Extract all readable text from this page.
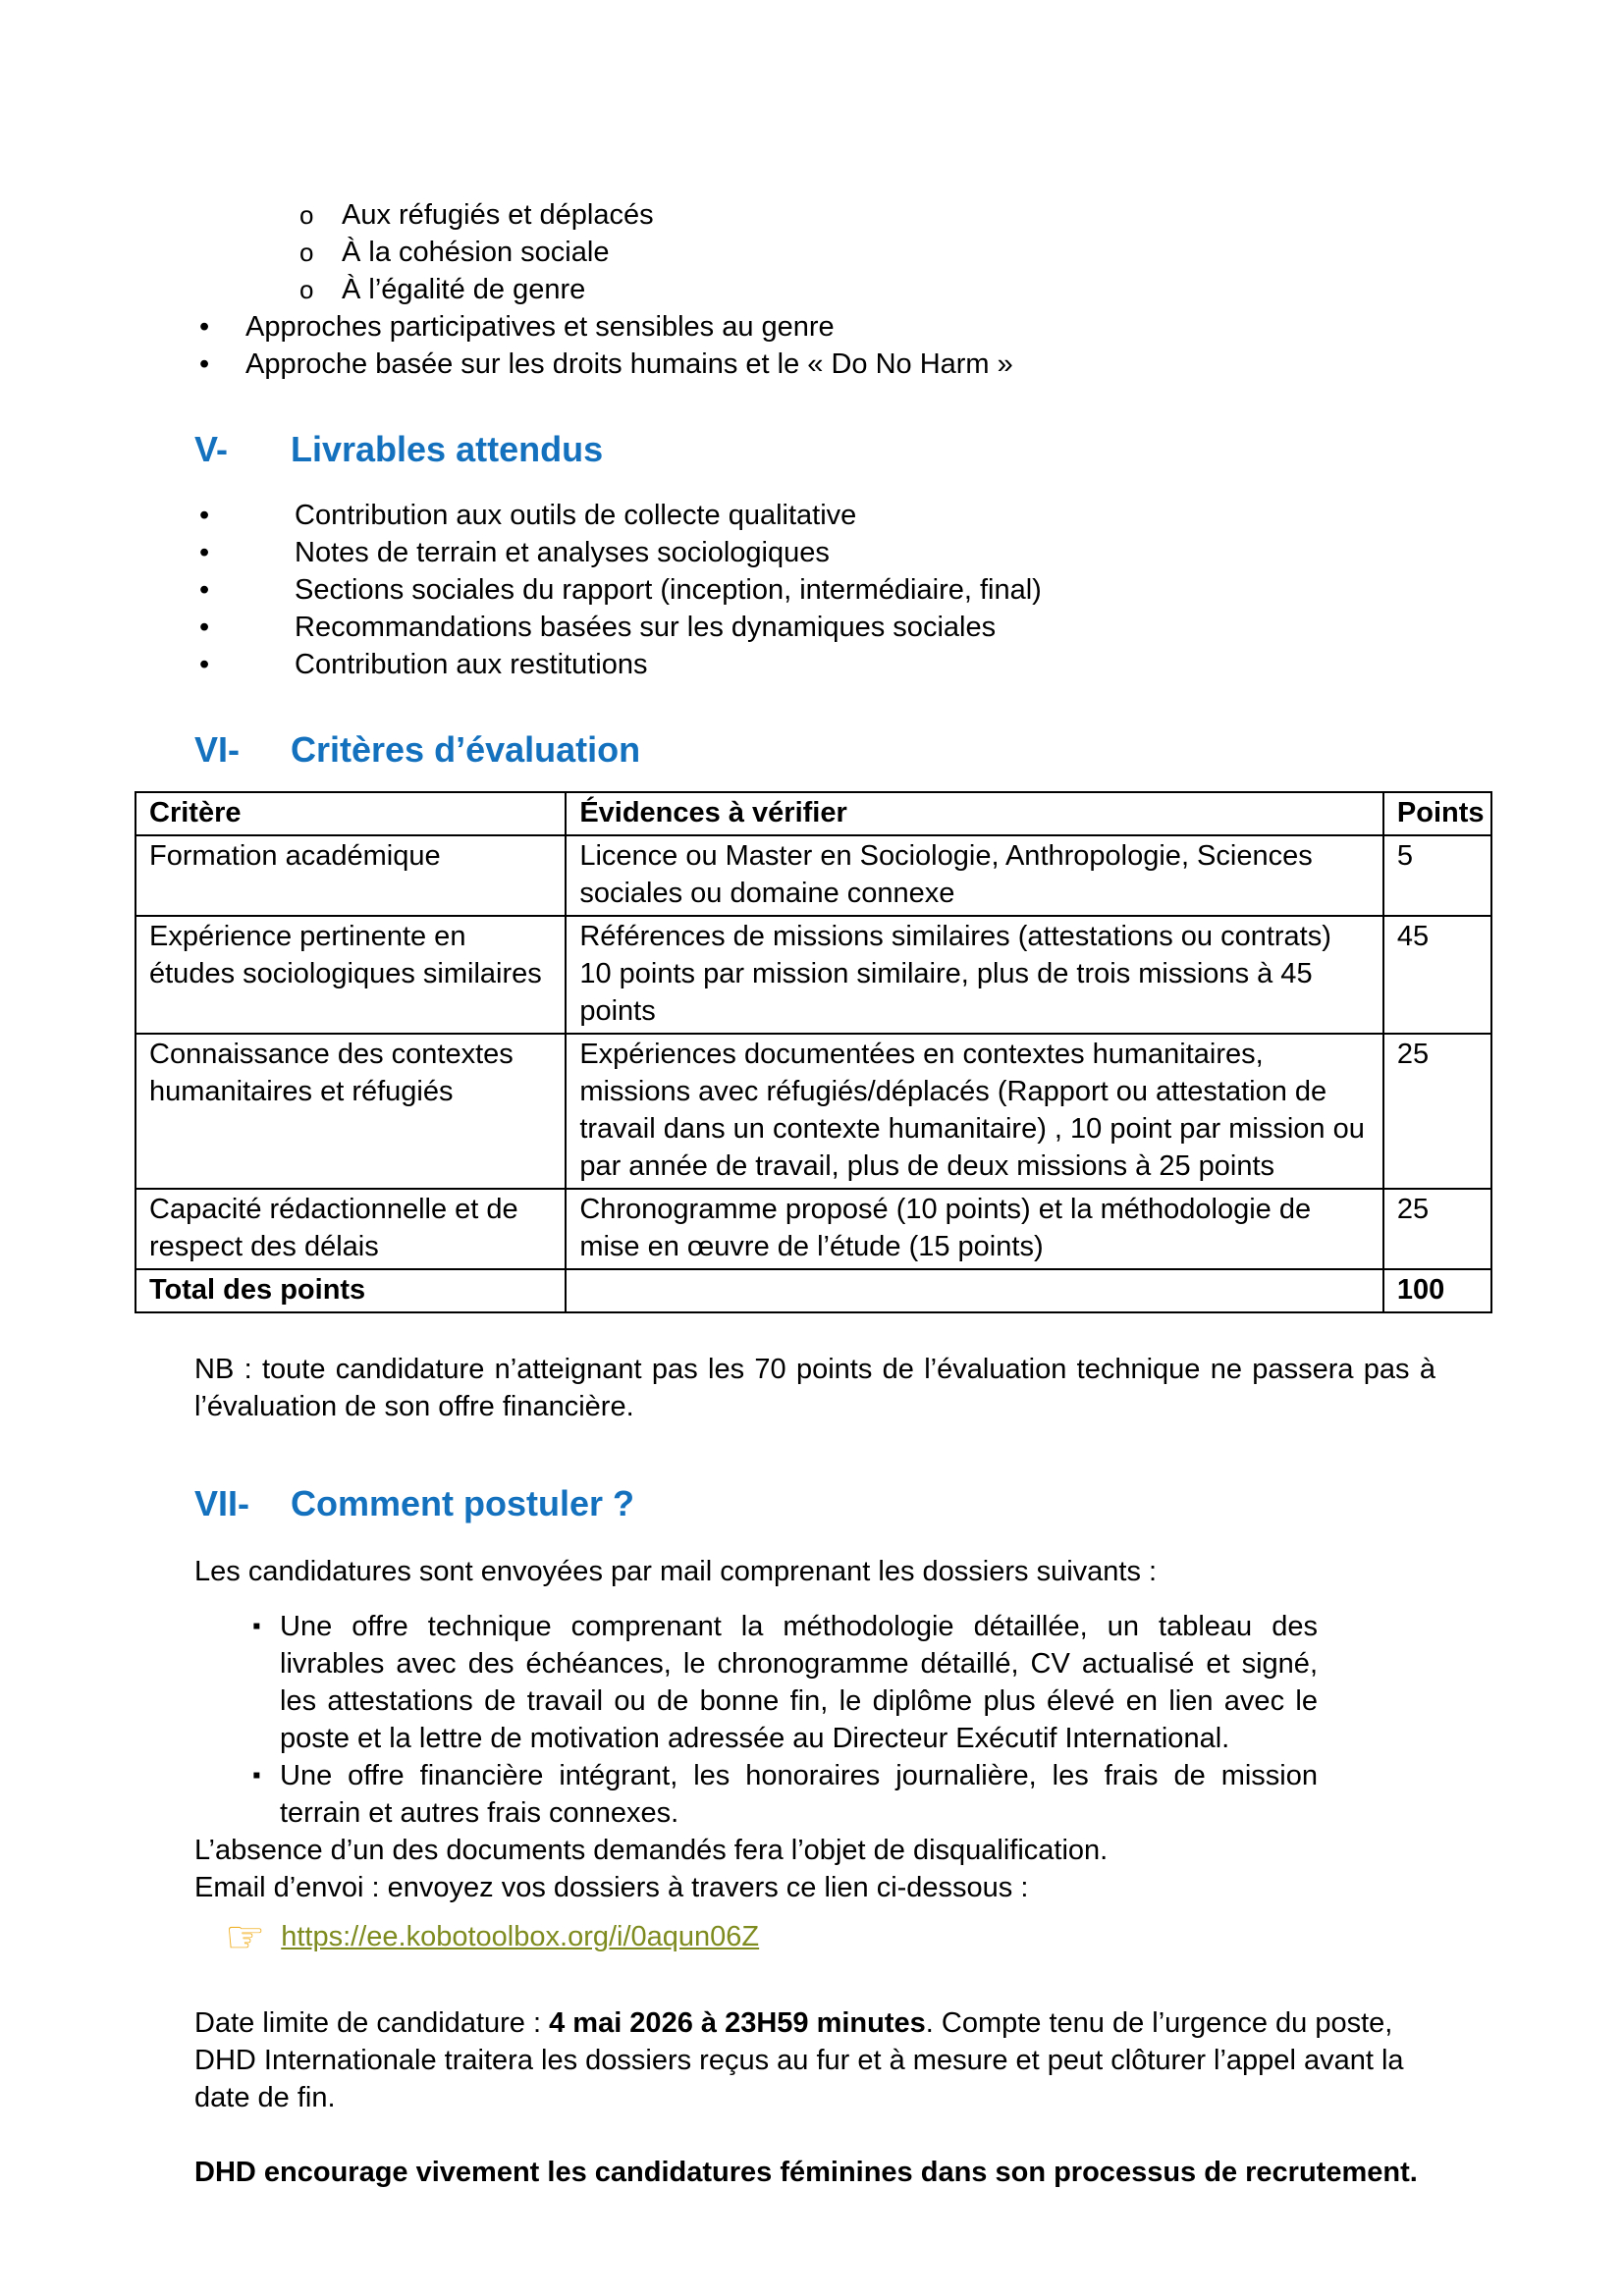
o Aux réfugiés et déplacés
o À la cohésion sociale
o À l’égalité de genre
•	Approches participatives et sensibles au genre
•	Approche basée sur les droits humains et le « Do No Harm »
V-	Livrables attendus
•	Contribution aux outils de collecte qualitative
•	Notes de terrain et analyses sociologiques
•	Sections sociales du rapport (inception, intermédiaire, final)
•	Recommandations basées sur les dynamiques sociales
•	Contribution aux restitutions
VI-	Critères d’évaluation
Critère	Évidences à vérifier	Points
Formation académique	Licence ou Master en Sociologie, Anthropologie, Sciences sociales ou domaine connexe	5
Expérience pertinente en études sociologiques similaires	Références de missions similaires (attestations ou contrats) 10 points par mission similaire, plus de trois missions à 45 points	45
Connaissance des contextes humanitaires et réfugiés	Expériences documentées en contextes humanitaires, missions avec réfugiés/déplacés (Rapport ou attestation de travail dans un contexte humanitaire) , 10 point par mission ou par année de travail, plus de deux missions à 25 points	25
Capacité rédactionnelle et de respect des délais	Chronogramme proposé (10 points) et la méthodologie de mise en œuvre de l’étude (15 points)	25
Total des points		100

NB : toute candidature n’atteignant pas les 70 points de l’évaluation technique ne passera pas à l’évaluation de son offre financière.

VII-	Comment postuler ?

Les candidatures sont envoyées par mail comprenant les dossiers suivants :

▪ Une offre technique comprenant la méthodologie détaillée, un tableau des livrables avec des échéances, le chronogramme détaillé, CV actualisé et signé, les attestations de travail ou de bonne fin, le diplôme plus élevé en lien avec le poste et la lettre de motivation adressée au Directeur Exécutif International.
▪ Une offre financière intégrant, les honoraires journalière, les frais de mission terrain et autres frais connexes.

L’absence d’un des documents demandés fera l’objet de disqualification.

Email d’envoi : envoyez vos dossiers à travers ce lien ci-dessous :

☞ https://ee.kobotoolbox.org/i/0aqun06Z

Date limite de candidature : 4 mai 2026 à 23H59 minutes. Compte tenu de l’urgence du poste, DHD Internationale traitera les dossiers reçus au fur et à mesure et peut clôturer l’appel avant la date de fin.

DHD encourage vivement les candidatures féminines dans son processus de recrutement.
